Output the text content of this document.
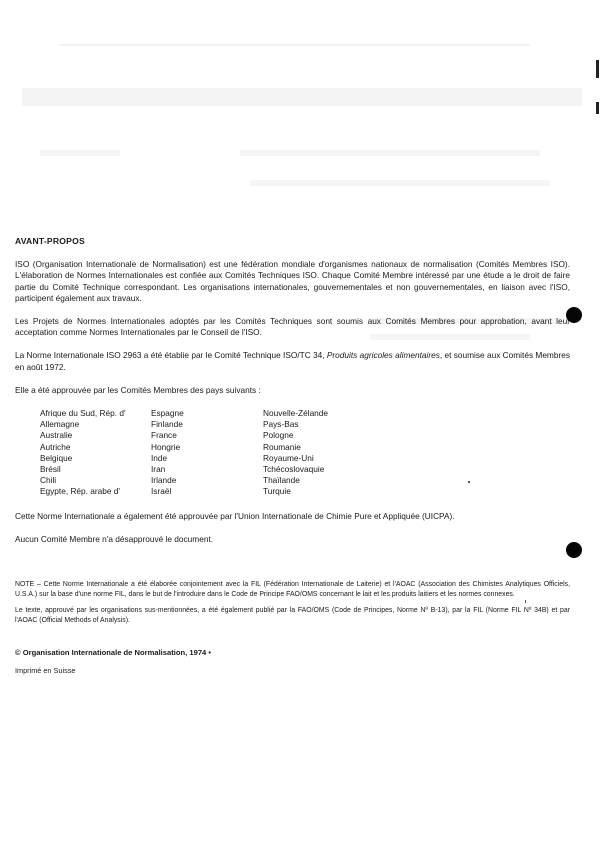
AVANT-PROPOS

ISO (Organisation Internationale de Normalisation) est une fédération mondiale d'organismes nationaux de normalisation (Comités Membres ISO). L'élaboration de Normes Internationales est confiée aux Comités Techniques ISO. Chaque Comité Membre intéressé par une étude a le droit de faire partie du Comité Technique correspondant. Les organisations internationales, gouvernementales et non gouvernementales, en liaison avec l'ISO, participent également aux travaux.

Les Projets de Normes Internationales adoptés par les Comités Techniques sont soumis aux Comités Membres pour approbation, avant leur acceptation comme Normes Internationales par le Conseil de l'ISO.

La Norme Internationale ISO 2963 a été établie par le Comité Technique ISO/TC 34, Produits agricoles alimentaires, et soumise aux Comités Membres en août 1972.

Elle a été approuvée par les Comités Membres des pays suivants :

Afrique du Sud, Rép. d'
Allemagne
Australie
Autriche
Belgique
Brésil
Chili
Egypte, Rép. arabe d'
Espagne
Finlande
France
Hongrie
Inde
Iran
Irlande
Israël
Nouvelle-Zélande
Pays-Bas
Pologne
Roumanie
Royaume-Uni
Tchécoslovaquie
Thaïlande
Turquie

Cette Norme Internationale a également été approuvée par l'Union Internationale de Chimie Pure et Appliquée (UICPA).

Aucun Comité Membre n'a désapprouvé le document.

NOTE – Cette Norme Internationale a été élaborée conjointement avec la FIL (Fédération Internationale de Laiterie) et l'AOAC (Association des Chimistes Analytiques Officiels, U.S.A.) sur la base d'une norme FIL, dans le but de l'introduire dans le Code de Principe FAO/OMS concernant le lait et les produits laitiers et les normes connexes.

Le texte, approuvé par les organisations sus-mentionnées, a été également publié par la FAO/OMS (Code de Principes, Norme Nº B-13), par la FIL (Norme FIL Nº 34B) et par l'AOAC (Official Methods of Analysis).

© Organisation Internationale de Normalisation, 1974 •

Imprimé en Suisse
